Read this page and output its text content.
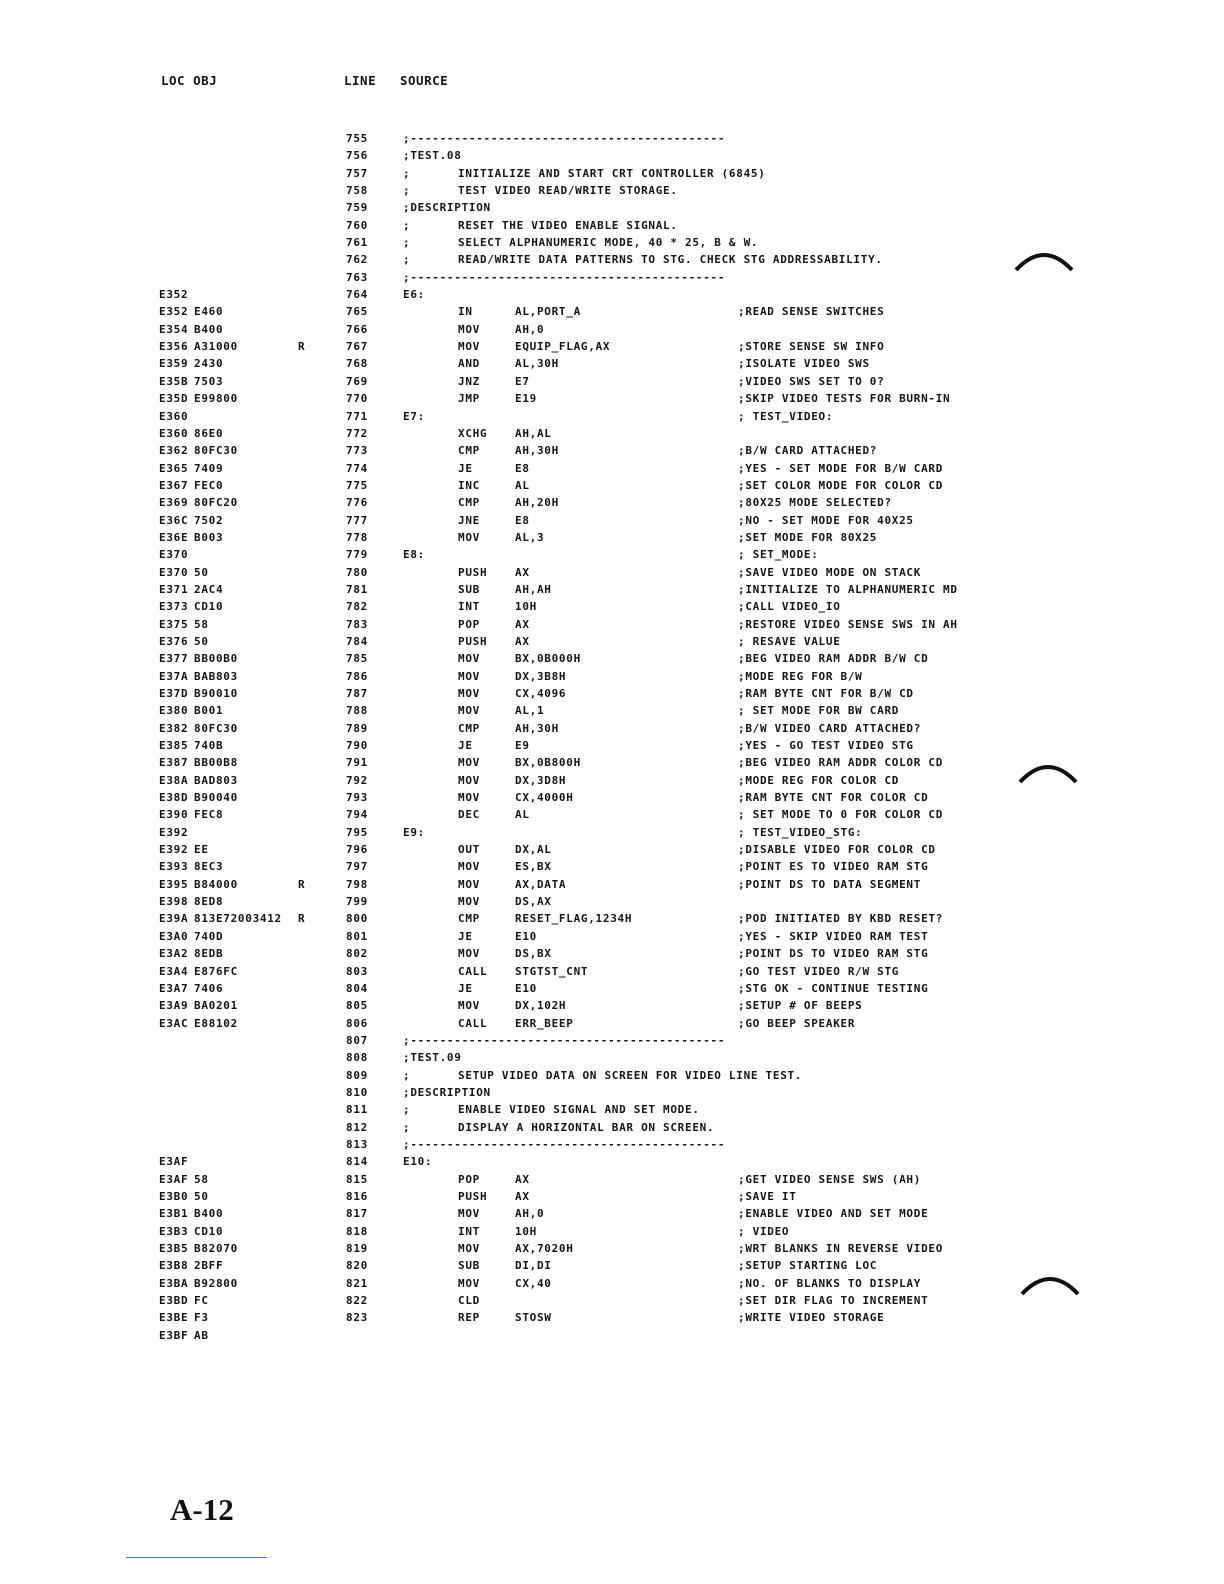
LOC OBJ	LINE SOURCE
755	;-------------------------------------------
756	;TEST.08
757	;	INITIALIZE AND START CRT CONTROLLER (6845)
758	;	TEST VIDEO READ/WRITE STORAGE.
759	;DESCRIPTION
760	;	RESET THE VIDEO ENABLE SIGNAL.
761	;	SELECT ALPHANUMERIC MODE, 40 * 25, B & W.
762	;	READ/WRITE DATA PATTERNS TO STG. CHECK STG ADDRESSABILITY.
763	;-------------------------------------------
E352	764	E6:
E352 E460	765	IN	AL,PORT_A	;READ SENSE SWITCHES
E354 B400	766	MOV	AH,0
E356 A31000	R	767	MOV	EQUIP_FLAG,AX	;STORE SENSE SW INFO
E359 2430	768	AND	AL,30H	;ISOLATE VIDEO SWS
E35B 7503	769	JNZ	E7	;VIDEO SWS SET TO 0?
E35D E99800	770	JMP	E19	;SKIP VIDEO TESTS FOR BURN-IN
E360	771	E7:	; TEST_VIDEO:
E360 86E0	772	XCHG	AH,AL
E362 80FC30	773	CMP	AH,30H	;B/W CARD ATTACHED?
E365 7409	774	JE	E8	;YES - SET MODE FOR B/W CARD
E367 FEC0	775	INC	AL	;SET COLOR MODE FOR COLOR CD
E369 80FC20	776	CMP	AH,20H	;80X25 MODE SELECTED?
E36C 7502	777	JNE	E8	;NO - SET MODE FOR 40X25
E36E B003	778	MOV	AL,3	;SET MODE FOR 80X25
E370	779	E8:	; SET_MODE:
E370 50	780	PUSH	AX	;SAVE VIDEO MODE ON STACK
E371 2AC4	781	SUB	AH,AH	;INITIALIZE TO ALPHANUMERIC MD
E373 CD10	782	INT	10H	;CALL VIDEO_IO
E375 58	783	POP	AX	;RESTORE VIDEO SENSE SWS IN AH
E376 50	784	PUSH	AX	; RESAVE VALUE
E377 BB00B0	785	MOV	BX,0B000H	;BEG VIDEO RAM ADDR B/W CD
E37A BAB803	786	MOV	DX,3B8H	;MODE REG FOR B/W
E37D B90010	787	MOV	CX,4096	;RAM BYTE CNT FOR B/W CD
E380 B001	788	MOV	AL,1	; SET MODE FOR BW CARD
E382 80FC30	789	CMP	AH,30H	;B/W VIDEO CARD ATTACHED?
E385 740B	790	JE	E9	;YES - GO TEST VIDEO STG
E387 BB00B8	791	MOV	BX,0B800H	;BEG VIDEO RAM ADDR COLOR CD
E38A BAD803	792	MOV	DX,3D8H	;MODE REG FOR COLOR CD
E38D B90040	793	MOV	CX,4000H	;RAM BYTE CNT FOR COLOR CD
E390 FEC8	794	DEC	AL	; SET MODE TO 0 FOR COLOR CD
E392	795	E9:	; TEST_VIDEO_STG:
E392 EE	796	OUT	DX,AL	;DISABLE VIDEO FOR COLOR CD
E393 8EC3	797	MOV	ES,BX	;POINT ES TO VIDEO RAM STG
E395 B84000	R	798	MOV	AX,DATA	;POINT DS TO DATA SEGMENT
E398 8ED8	799	MOV	DS,AX
E39A 813E72003412 R	800	CMP	RESET_FLAG,1234H	;POD INITIATED BY KBD RESET?
E3A0 740D	801	JE	E10	;YES - SKIP VIDEO RAM TEST
E3A2 8EDB	802	MOV	DS,BX	;POINT DS TO VIDEO RAM STG
E3A4 E876FC	803	CALL	STGTST_CNT	;GO TEST VIDEO R/W STG
E3A7 7406	804	JE	E10	;STG OK - CONTINUE TESTING
E3A9 BA0201	805	MOV	DX,102H	;SETUP # OF BEEPS
E3AC E88102	806	CALL	ERR_BEEP	;GO BEEP SPEAKER
807	;-------------------------------------------
808	;TEST.09
809	;	SETUP VIDEO DATA ON SCREEN FOR VIDEO LINE TEST.
810	;DESCRIPTION
811	;	ENABLE VIDEO SIGNAL AND SET MODE.
812	;	DISPLAY A HORIZONTAL BAR ON SCREEN.
813	;-------------------------------------------
E3AF	814	E10:
E3AF 58	815	POP	AX	;GET VIDEO SENSE SWS (AH)
E3B0 50	816	PUSH	AX	;SAVE IT
E3B1 B400	817	MOV	AH,0	;ENABLE VIDEO AND SET MODE
E3B3 CD10	818	INT	10H	; VIDEO
E3B5 B82070	819	MOV	AX,7020H	;WRT BLANKS IN REVERSE VIDEO
E3B8 2BFF	820	SUB	DI,DI	;SETUP STARTING LOC
E3BA B92800	821	MOV	CX,40	;NO. OF BLANKS TO DISPLAY
E3BD FC	822	CLD	;SET DIR FLAG TO INCREMENT
E3BE F3	823	REP	STOSW	;WRITE VIDEO STORAGE
E3BF AB
A-12
